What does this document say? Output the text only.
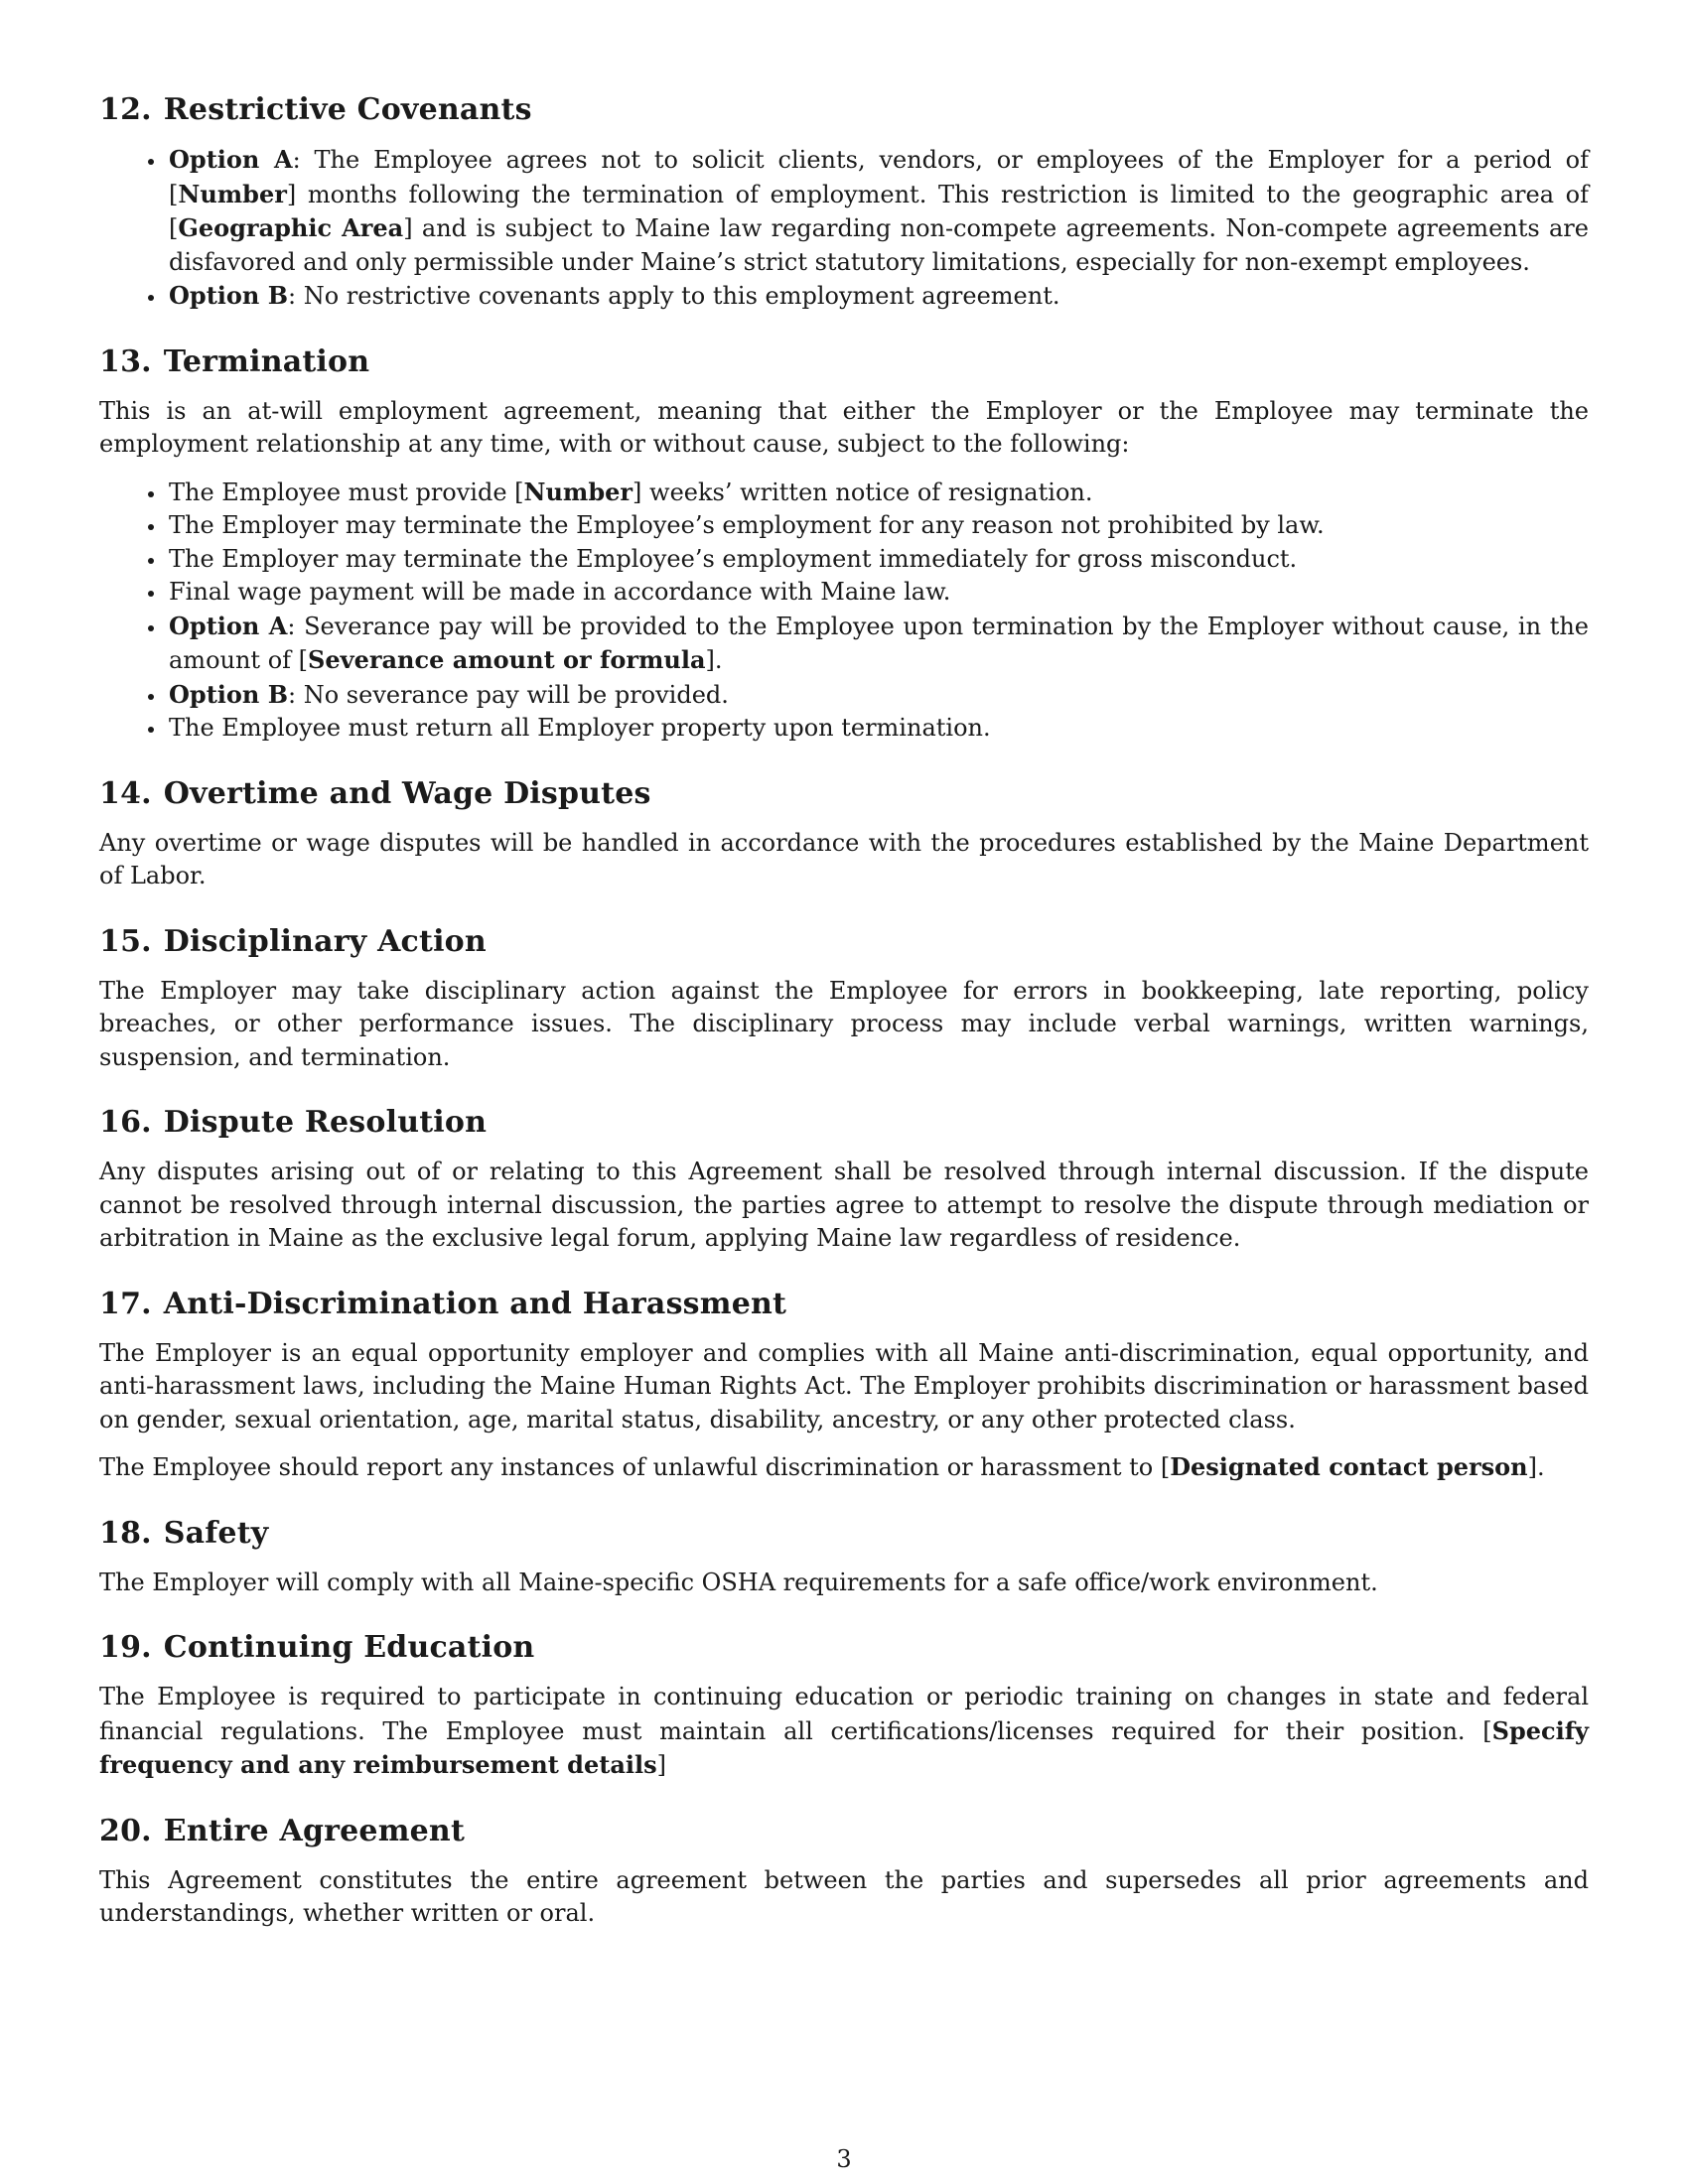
12. Restrictive Covenants
• Option A: The Employee agrees not to solicit clients, vendors, or employees of the Employer for a period of [Number] months following the termination of employment. This restriction is limited to the geographic area of [Geographic Area] and is subject to Maine law regarding non-compete agreements. Non-compete agreements are disfavored and only permissible under Maine’s strict statutory limitations, especially for non-exempt employees.
• Option B: No restrictive covenants apply to this employment agreement.
13. Termination

This is an at-will employment agreement, meaning that either the Employer or the Employee may terminate the employment relationship at any time, with or without cause, subject to the following:

• The Employee must provide [Number] weeks’ written notice of resignation.
• The Employer may terminate the Employee’s employment for any reason not prohibited by law.
• The Employer may terminate the Employee’s employment immediately for gross misconduct.
• Final wage payment will be made in accordance with Maine law.
• Option A: Severance pay will be provided to the Employee upon termination by the Employer without cause, in the amount of [Severance amount or formula].
• Option B: No severance pay will be provided.
• The Employee must return all Employer property upon termination.
14. Overtime and Wage Disputes

Any overtime or wage disputes will be handled in accordance with the procedures established by the Maine Department of Labor.

15. Disciplinary Action

The Employer may take disciplinary action against the Employee for errors in bookkeeping, late reporting, policy breaches, or other performance issues. The disciplinary process may include verbal warnings, written warnings, suspension, and termination.

16. Dispute Resolution

Any disputes arising out of or relating to this Agreement shall be resolved through internal discussion. If the dispute cannot be resolved through internal discussion, the parties agree to attempt to resolve the dispute through mediation or arbitration in Maine as the exclusive legal forum, applying Maine law regardless of residence.

17. Anti-Discrimination and Harassment

The Employer is an equal opportunity employer and complies with all Maine anti-discrimination, equal opportunity, and anti-harassment laws, including the Maine Human Rights Act. The Employer prohibits discrimination or harassment based on gender, sexual orientation, age, marital status, disability, ancestry, or any other protected class.

The Employee should report any instances of unlawful discrimination or harassment to [Designated contact person].

18. Safety

The Employer will comply with all Maine-specific OSHA requirements for a safe office/work environment.

19. Continuing Education

The Employee is required to participate in continuing education or periodic training on changes in state and federal financial regulations. The Employee must maintain all certifications/licenses required for their position. [Specify frequency and any reimbursement details]

20. Entire Agreement

This Agreement constitutes the entire agreement between the parties and supersedes all prior agreements and understandings, whether written or oral.

3
